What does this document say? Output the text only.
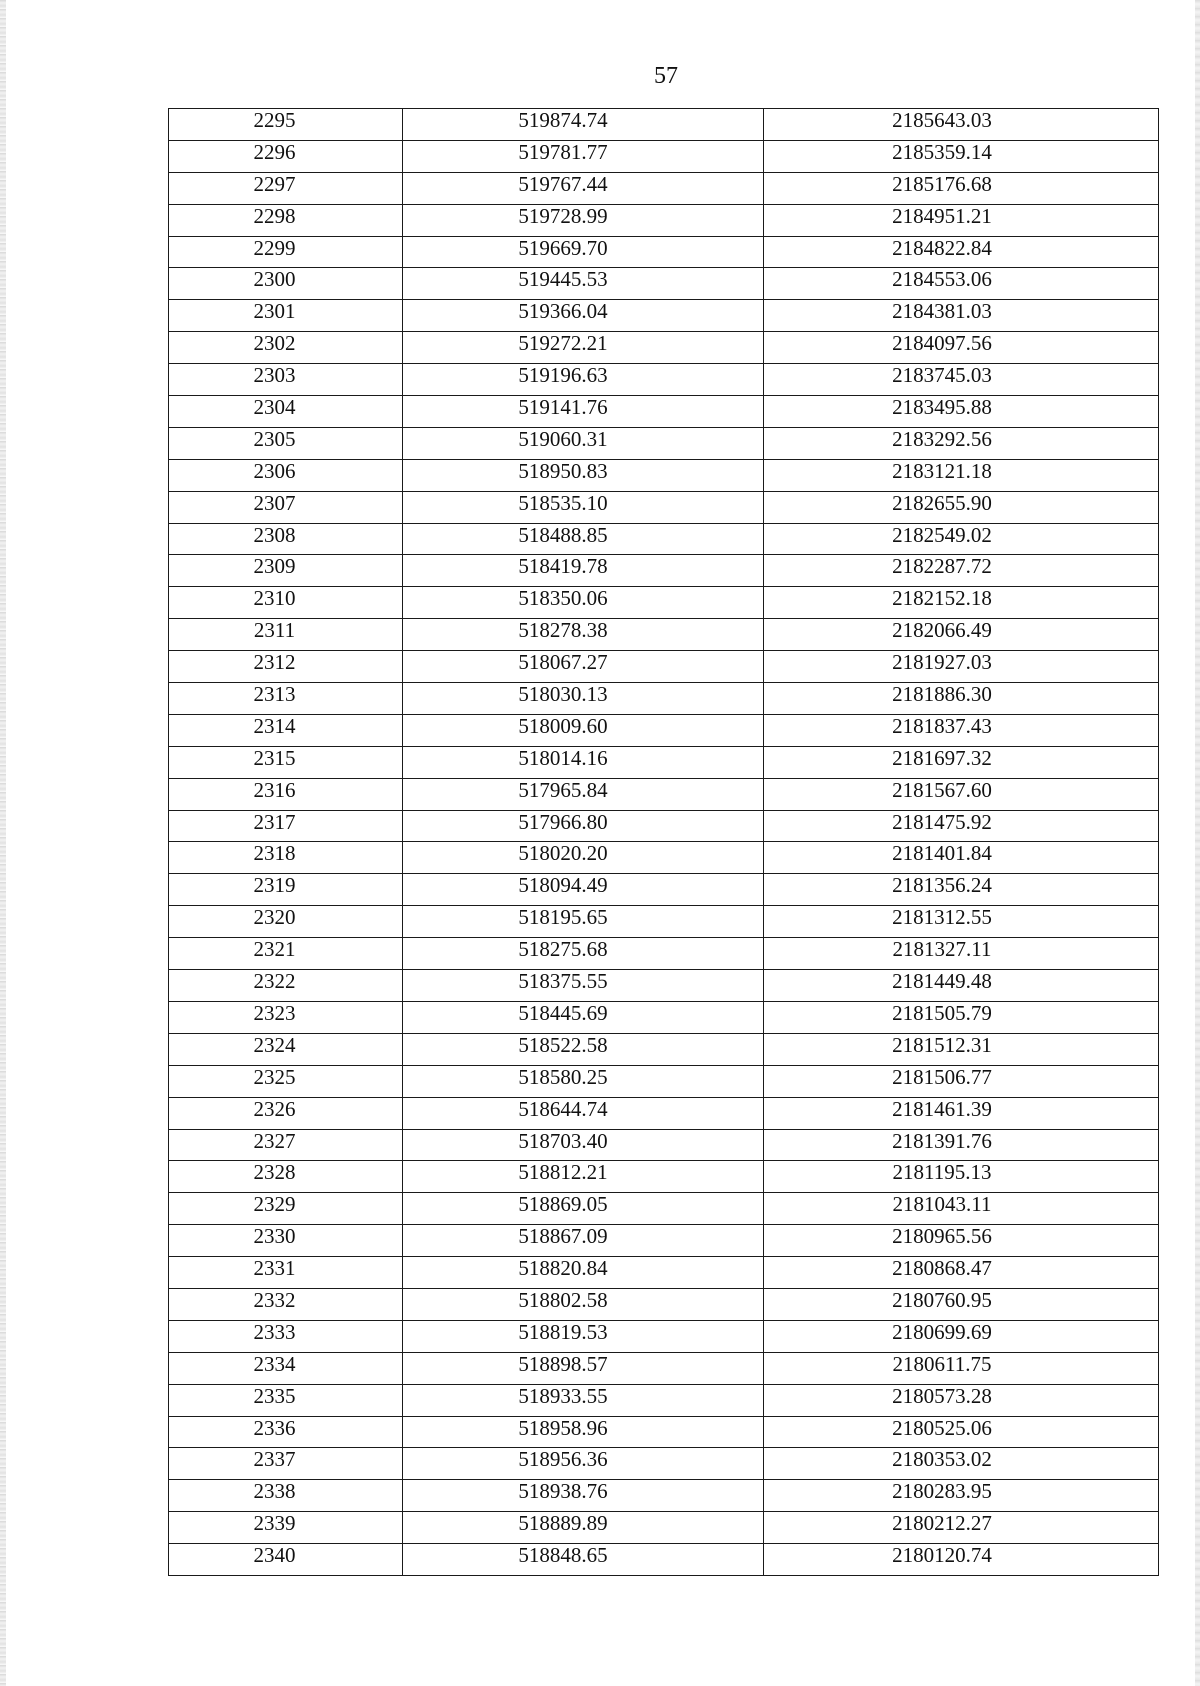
57
2295	519874.74	2185643.03
2296	519781.77	2185359.14
2297	519767.44	2185176.68
2298	519728.99	2184951.21
2299	519669.70	2184822.84
2300	519445.53	2184553.06
2301	519366.04	2184381.03
2302	519272.21	2184097.56
2303	519196.63	2183745.03
2304	519141.76	2183495.88
2305	519060.31	2183292.56
2306	518950.83	2183121.18
2307	518535.10	2182655.90
2308	518488.85	2182549.02
2309	518419.78	2182287.72
2310	518350.06	2182152.18
2311	518278.38	2182066.49
2312	518067.27	2181927.03
2313	518030.13	2181886.30
2314	518009.60	2181837.43
2315	518014.16	2181697.32
2316	517965.84	2181567.60
2317	517966.80	2181475.92
2318	518020.20	2181401.84
2319	518094.49	2181356.24
2320	518195.65	2181312.55
2321	518275.68	2181327.11
2322	518375.55	2181449.48
2323	518445.69	2181505.79
2324	518522.58	2181512.31
2325	518580.25	2181506.77
2326	518644.74	2181461.39
2327	518703.40	2181391.76
2328	518812.21	2181195.13
2329	518869.05	2181043.11
2330	518867.09	2180965.56
2331	518820.84	2180868.47
2332	518802.58	2180760.95
2333	518819.53	2180699.69
2334	518898.57	2180611.75
2335	518933.55	2180573.28
2336	518958.96	2180525.06
2337	518956.36	2180353.02
2338	518938.76	2180283.95
2339	518889.89	2180212.27
2340	518848.65	2180120.74
